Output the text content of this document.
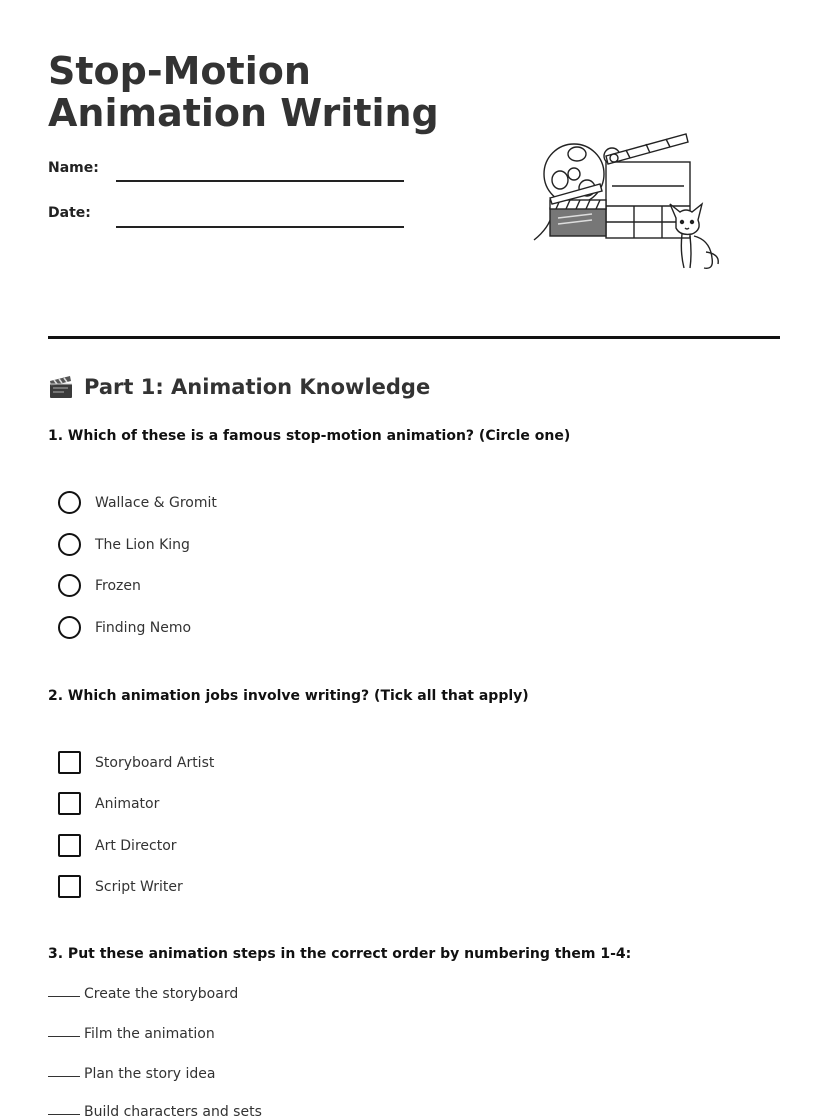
Stop-Motion Animation Writing
Name:
Date:
Part 1: Animation Knowledge
1. Which of these is a famous stop-motion animation? (Circle one)
Wallace & Gromit
The Lion King
Frozen
Finding Nemo
2. Which animation jobs involve writing? (Tick all that apply)
Storyboard Artist
Animator
Art Director
Script Writer
3. Put these animation steps in the correct order by numbering them 1-4:
Create the storyboard
Film the animation
Plan the story idea
Build characters and sets
